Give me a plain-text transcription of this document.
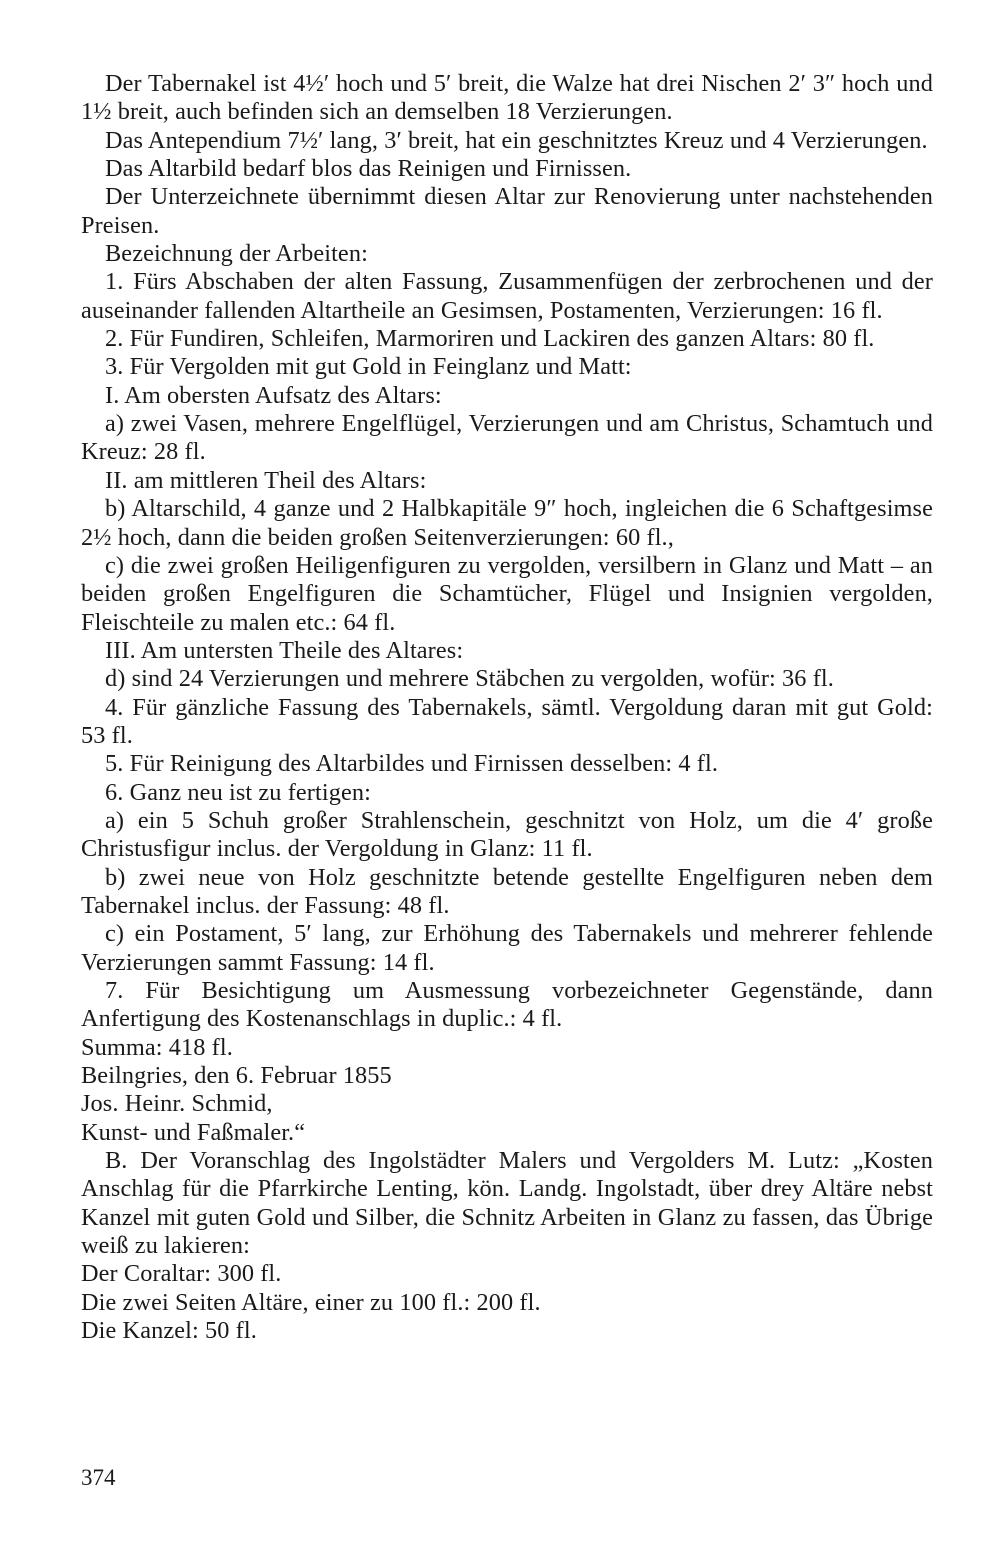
Der Tabernakel ist 4½′ hoch und 5′ breit, die Walze hat drei Nischen 2′ 3″ hoch und 1½ breit, auch befinden sich an demselben 18 Verzierungen.

Das Antependium 7½′ lang, 3′ breit, hat ein geschnitztes Kreuz und 4 Verzierungen.

Das Altarbild bedarf blos das Reinigen und Firnissen.

Der Unterzeichnete übernimmt diesen Altar zur Renovierung unter nachstehenden Preisen.

Bezeichnung der Arbeiten:

1. Fürs Abschaben der alten Fassung, Zusammenfügen der zerbrochenen und der auseinander fallenden Altartheile an Gesimsen, Postamenten, Verzierungen: 16 fl.

2. Für Fundiren, Schleifen, Marmoriren und Lackiren des ganzen Altars: 80 fl.

3. Für Vergolden mit gut Gold in Feinglanz und Matt:

I. Am obersten Aufsatz des Altars:

a) zwei Vasen, mehrere Engelflügel, Verzierungen und am Christus, Schamtuch und Kreuz: 28 fl.

II. am mittleren Theil des Altars:

b) Altarschild, 4 ganze und 2 Halbkapitäle 9″ hoch, ingleichen die 6 Schaftgesimse 2½ hoch, dann die beiden großen Seitenverzierungen: 60 fl.,

c) die zwei großen Heiligenfiguren zu vergolden, versilbern in Glanz und Matt – an beiden großen Engelfiguren die Schamtücher, Flügel und Insignien vergolden, Fleischteile zu malen etc.: 64 fl.

III. Am untersten Theile des Altares:

d) sind 24 Verzierungen und mehrere Stäbchen zu vergolden, wofür: 36 fl.

4. Für gänzliche Fassung des Tabernakels, sämtl. Vergoldung daran mit gut Gold: 53 fl.

5. Für Reinigung des Altarbildes und Firnissen desselben: 4 fl.

6. Ganz neu ist zu fertigen:

a) ein 5 Schuh großer Strahlenschein, geschnitzt von Holz, um die 4′ große Christusfigur inclus. der Vergoldung in Glanz: 11 fl.

b) zwei neue von Holz geschnitzte betende gestellte Engelfiguren neben dem Tabernakel inclus. der Fassung: 48 fl.

c) ein Postament, 5′ lang, zur Erhöhung des Tabernakels und mehrerer fehlende Verzierungen sammt Fassung: 14 fl.

7. Für Besichtigung um Ausmessung vorbezeichneter Gegenstände, dann Anfertigung des Kostenanschlags in duplic.: 4 fl.

Summa: 418 fl.

Beilngries, den 6. Februar 1855

Jos. Heinr. Schmid,

Kunst- und Faßmaler.“

B. Der Voranschlag des Ingolstädter Malers und Vergolders M. Lutz: „Kosten Anschlag für die Pfarrkirche Lenting, kön. Landg. Ingolstadt, über drey Altäre nebst Kanzel mit guten Gold und Silber, die Schnitz Arbeiten in Glanz zu fassen, das Übrige weiß zu lakieren:

Der Coraltar: 300 fl.

Die zwei Seiten Altäre, einer zu 100 fl.: 200 fl.

Die Kanzel: 50 fl.

374
